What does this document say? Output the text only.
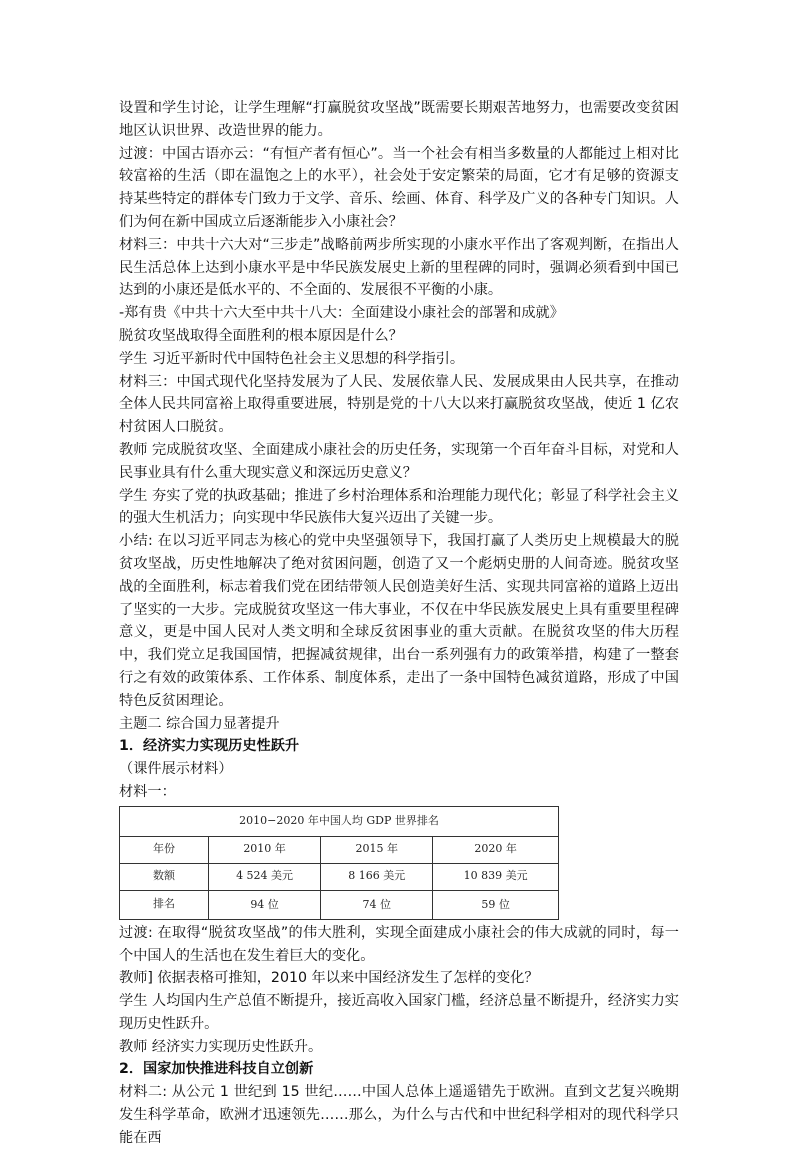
设置和学生讨论，让学生理解“打赢脱贫攻坚战”既需要长期艰苦地努力，也需要改变贫困地区认识世界、改造世界的能力。

过渡：中国古语亦云：“有恒产者有恒心”。当一个社会有相当多数量的人都能过上相对比较富裕的生活（即在温饱之上的水平），社会处于安定繁荣的局面，它才有足够的资源支持某些特定的群体专门致力于文学、音乐、绘画、体育、科学及广义的各种专门知识。人们为何在新中国成立后逐渐能步入小康社会？

材料三：中共十六大对“三步走”战略前两步所实现的小康水平作出了客观判断，在指出人民生活总体上达到小康水平是中华民族发展史上新的里程碑的同时，强调必须看到中国已达到的小康还是低水平的、不全面的、发展很不平衡的小康。

-郑有贵《中共十六大至中共十八大：全面建设小康社会的部署和成就》

脱贫攻坚战取得全面胜利的根本原因是什么？

学生 习近平新时代中国特色社会主义思想的科学指引。

材料三：中国式现代化坚持发展为了人民、发展依靠人民、发展成果由人民共享，在推动全体人民共同富裕上取得重要进展，特别是党的十八大以来打赢脱贫攻坚战，使近 1 亿农村贫困人口脱贫。

教师 完成脱贫攻坚、全面建成小康社会的历史任务，实现第一个百年奋斗目标，对党和人民事业具有什么重大现实意义和深远历史意义？

学生 夯实了党的执政基础；推进了乡村治理体系和治理能力现代化；彰显了科学社会主义的强大生机活力；向实现中华民族伟大复兴迈出了关键一步。

小结: 在以习近平同志为核心的党中央坚强领导下，我国打赢了人类历史上规模最大的脱贫攻坚战，历史性地解决了绝对贫困问题，创造了又一个彪炳史册的人间奇迹。脱贫攻坚战的全面胜利，标志着我们党在团结带领人民创造美好生活、实现共同富裕的道路上迈出了坚实的一大步。完成脱贫攻坚这一伟大事业，不仅在中华民族发展史上具有重要里程碑意义，更是中国人民对人类文明和全球反贫困事业的重大贡献。在脱贫攻坚的伟大历程中，我们党立足我国国情，把握减贫规律，出台一系列强有力的政策举措，构建了一整套行之有效的政策体系、工作体系、制度体系，走出了一条中国特色减贫道路，形成了中国特色反贫困理论。

主题二 综合国力显著提升

1．经济实力实现历史性跃升

（课件展示材料）

材料一：

2010−2020 年中国人均 GDP 世界排名			
年份	2010 年	2015 年	2020 年
数额	4 524 美元	8 166 美元	10 839 美元
排名	94 位	74 位	59 位

过渡: 在取得“脱贫攻坚战”的伟大胜利，实现全面建成小康社会的伟大成就的同时，每一个中国人的生活也在发生着巨大的变化。

教师] 依据表格可推知，2010 年以来中国经济发生了怎样的变化？

学生 人均国内生产总值不断提升，接近高收入国家门槛，经济总量不断提升，经济实力实现历史性跃升。

教师 经济实力实现历史性跃升。

2．国家加快推进科技自立创新

材料二: 从公元 1 世纪到 15 世纪……中国人总体上遥遥错先于欧洲。直到文艺复兴晚期发生科学革命，欧洲才迅速领先……那么，为什么与古代和中世纪科学相对的现代科学只能在西
